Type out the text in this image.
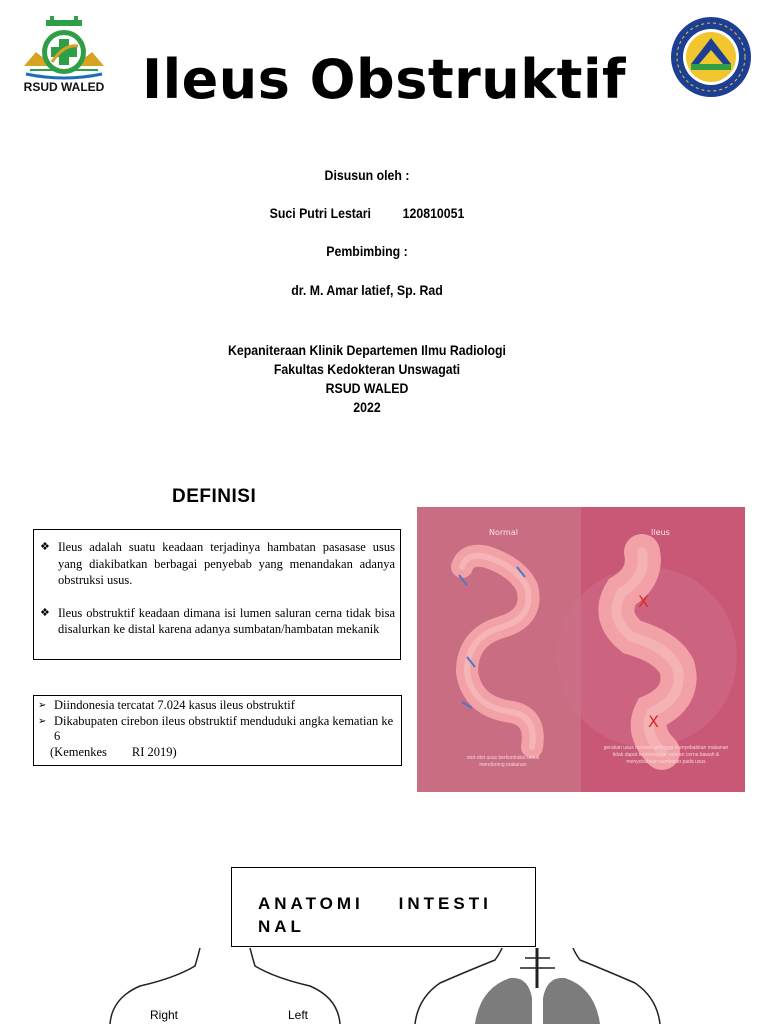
RSUD WALED Ileus Obstruktif
Disusun oleh :
Suci Putri Lestari 120810051
Pembimbing :
dr. M. Amar latief, Sp. Rad
Kepaniteraan Klinik Departemen Ilmu Radiologi
Fakultas Kedokteran Unswagati
RSUD WALED
2022
DEFINISI
❖ Ileus adalah suatu keadaan terjadinya hambatan pasasase usus yang diakibatkan berbagai penyebab yang menandakan adanya obstruksi usus.
❖ Ileus obstruktif keadaan dimana isi lumen saluran cerna tidak bisa disalurkan ke distal karena adanya sumbatan/hambatan mekanik
➢ Diindonesia tercatat 7.024 kasus ileus obstruktif
➢ Dikabupaten cirebon ileus obstruktif menduduki angka kematian ke 6
(Kemenkes        RI 2019)
X
X
Normal	Ileus
otot-otot usus berkontraksi untuk mendorong makanan
gerakan usus terhenti sehingga menyebabkan makanan tidak dapat terdorong ke saluran cerna bawah & menyebabkan sumbatan pada usus
ANATOMI    INTESTI
NAL
Right	Left
